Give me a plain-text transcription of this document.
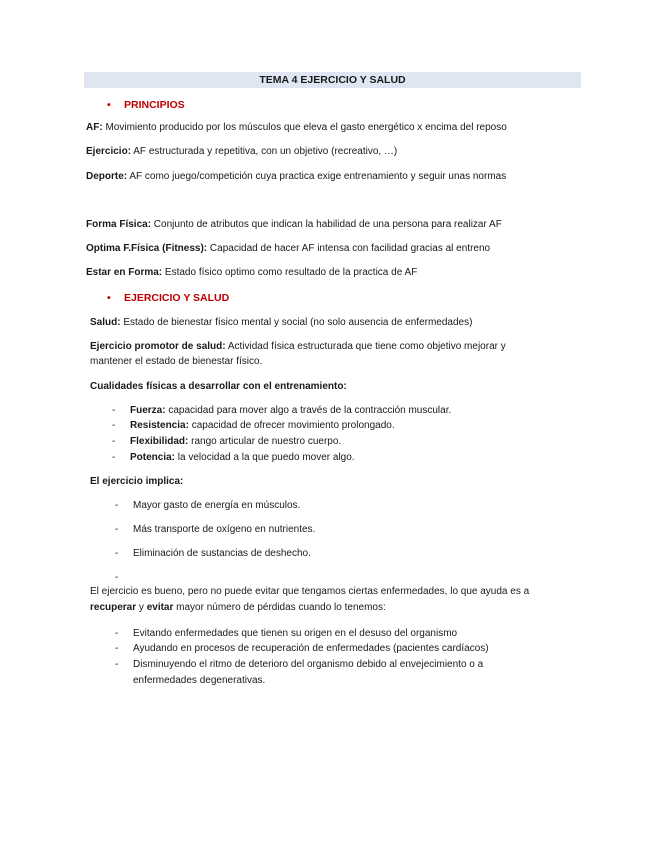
TEMA 4 EJERCICIO Y SALUD
• PRINCIPIOS
AF: Movimiento producido por los músculos que eleva el gasto energético x encima del reposo
Ejercicio: AF estructurada y repetitiva, con un objetivo (recreativo, …)
Deporte: AF como juego/competición cuya practica exige entrenamiento y seguir unas normas
Forma Física: Conjunto de atributos que indican la habilidad de una persona para realizar AF
Optima F.Física (Fitness): Capacidad de hacer AF intensa con facilidad gracias al entreno
Estar en Forma: Estado físico optimo como resultado de la practica de AF
• EJERCICIO Y SALUD
Salud: Estado de bienestar físico mental y social (no solo ausencia de enfermedades)
Ejercicio promotor de salud: Actividad física estructurada que tiene como objetivo mejorar y
mantener el estado de bienestar físico.
Cualidades físicas a desarrollar con el entrenamiento:
- Fuerza: capacidad para mover algo a través de la contracción muscular.
- Resistencia: capacidad de ofrecer movimiento prolongado.
- Flexibilidad: rango articular de nuestro cuerpo.
- Potencia: la velocidad a la que puedo mover algo.
El ejercicio implica:
- Mayor gasto de energía en músculos.
- Más transporte de oxígeno en nutrientes.
- Eliminación de sustancias de deshecho.
-
El ejercicio es bueno, pero no puede evitar que tengamos ciertas enfermedades, lo que ayuda es a
recuperar y evitar mayor número de pérdidas cuando lo tenemos:
- Evitando enfermedades que tienen su origen en el desuso del organismo
- Ayudando en procesos de recuperación de enfermedades (pacientes cardíacos)
- Disminuyendo el ritmo de deterioro del organismo debido al envejecimiento o a
enfermedades degenerativas.
